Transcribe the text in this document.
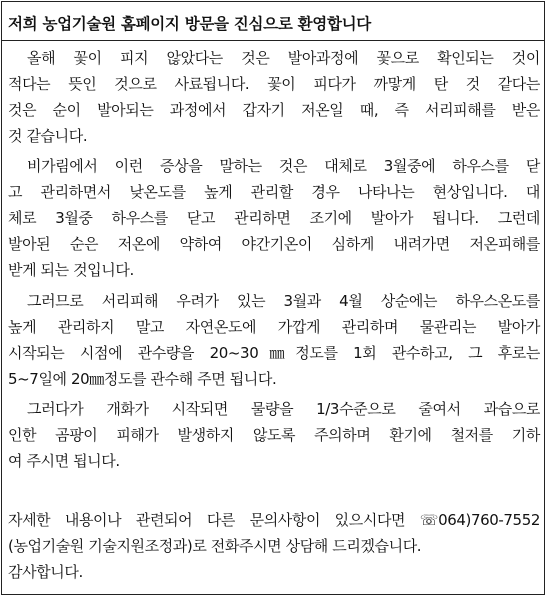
저희 농업기술원 홈페이지 방문을 진심으로 환영합니다
올해 꽃이 피지 않았다는 것은 발아과정에 꽃으로 확인되는 것이
적다는 뜻인 것으로 사료됩니다. 꽃이 피다가 까맣게 탄 것 같다는
것은 순이 발아되는 과정에서 갑자기 저온일 때, 즉 서리피해를 받은
것 같습니다.
비가림에서 이런 증상을 말하는 것은 대체로 3월중에 하우스를 닫
고 관리하면서 낮온도를 높게 관리할 경우 나타나는 현상입니다. 대
체로 3월중 하우스를 닫고 관리하면 조기에 발아가 됩니다. 그런데
발아된 순은 저온에 약하여 야간기온이 심하게 내려가면 저온피해를
받게 되는 것입니다.
그러므로 서리피해 우려가 있는 3월과 4월 상순에는 하우스온도를
높게 관리하지 말고 자연온도에 가깝게 관리하며 물관리는 발아가
시작되는 시점에 관수량을 20~30㎜정도를 1회 관수하고, 그 후로는
5~7일에 20㎜정도를 관수해 주면 됩니다.
그러다가 개화가 시작되면 물량을 1/3수준으로 줄여서 과습으로
인한 곰팡이 피해가 발생하지 않도록 주의하며 환기에 철저를 기하
여 주시면 됩니다.
자세한 내용이나 관련되어 다른 문의사항이 있으시다면 ☏064)760-7552
(농업기술원 기술지원조정과)로 전화주시면 상담해 드리겠습니다.
감사합니다.
